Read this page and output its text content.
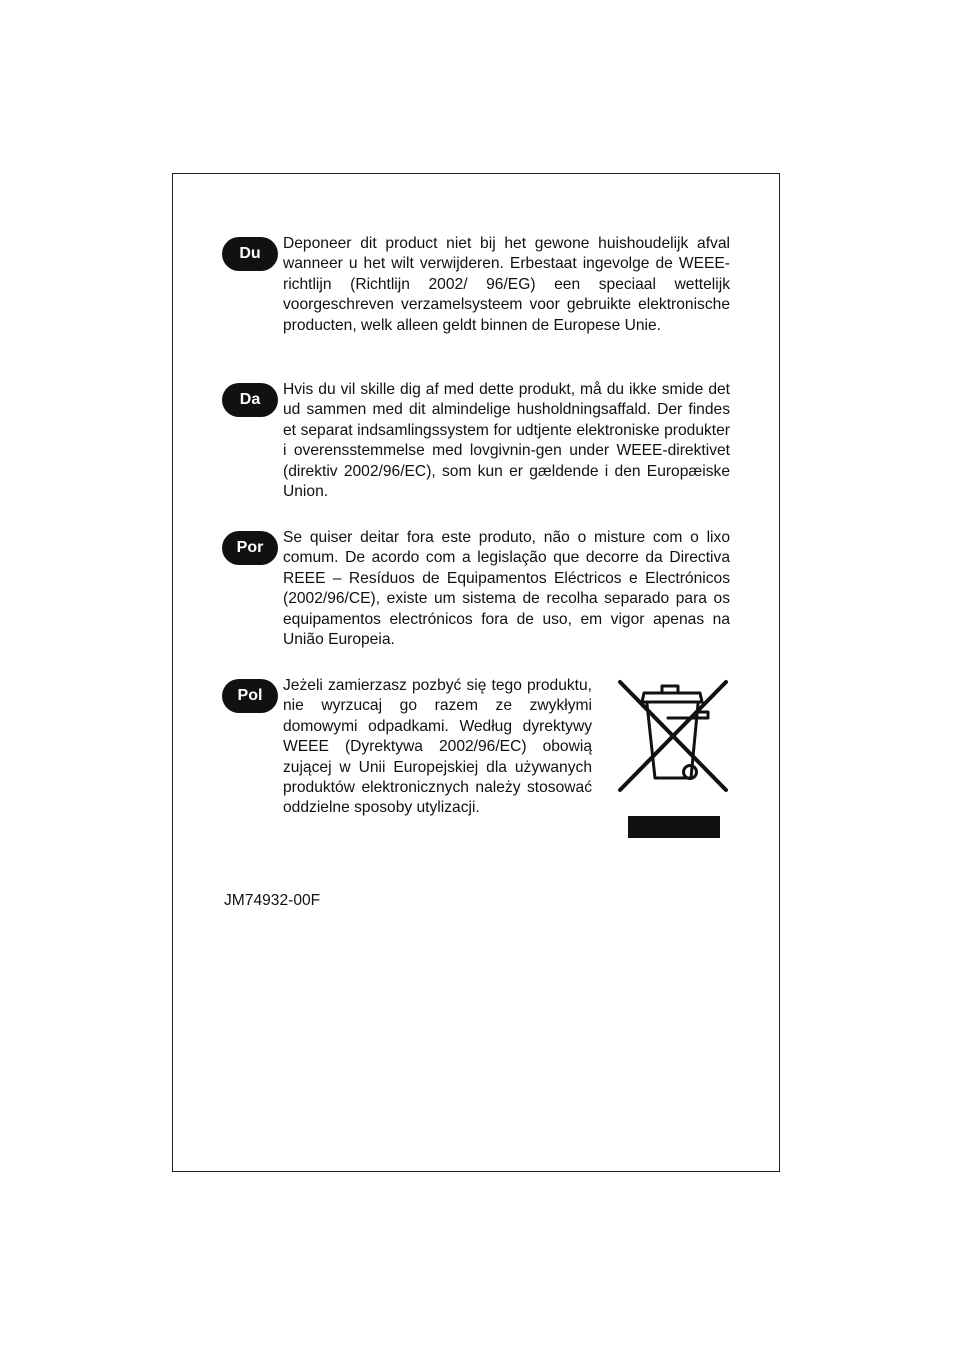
Du

Deponeer dit product niet bij het gewone huishoudelijk afval wanneer u het wilt verwijderen. Erbestaat ingevolge de WEEE-richtlijn (Richtlijn 2002/ 96/EG) een speciaal wettelijk voorgeschreven verzamelsysteem voor gebruikte elektronische producten, welk alleen geldt binnen de Europese Unie.

Da

Hvis du vil skille dig af med dette produkt, må du ikke smide det ud sammen med dit almindelige husholdningsaffald. Der findes et separat indsamlingssystem for udtjente elektroniske produkter i overensstemmelse med lovgivnin-gen under WEEE-direktivet (direktiv 2002/96/EC), som kun er gældende i den Europæiske Union.

Por

Se quiser deitar fora este produto, não o misture com o lixo comum. De acordo com a legislação que decorre da Directiva REEE – Resíduos de Equipamentos Eléctricos e Electrónicos (2002/96/CE), existe um sistema de recolha separado para os equipamentos electrónicos fora de uso, em vigor apenas na União Europeia.

Pol

Jeżeli zamierzasz pozbyć się tego produktu, nie wyrzucaj go razem ze zwykłymi domowymi odpadkami. Według dyrektywy WEEE (Dyrektywa 2002/96/EC) obowią zującej w Unii Europejskiej dla używanych produktów elektronicznych należy stosować oddzielne sposoby utylizacji.

JM74932-00F
